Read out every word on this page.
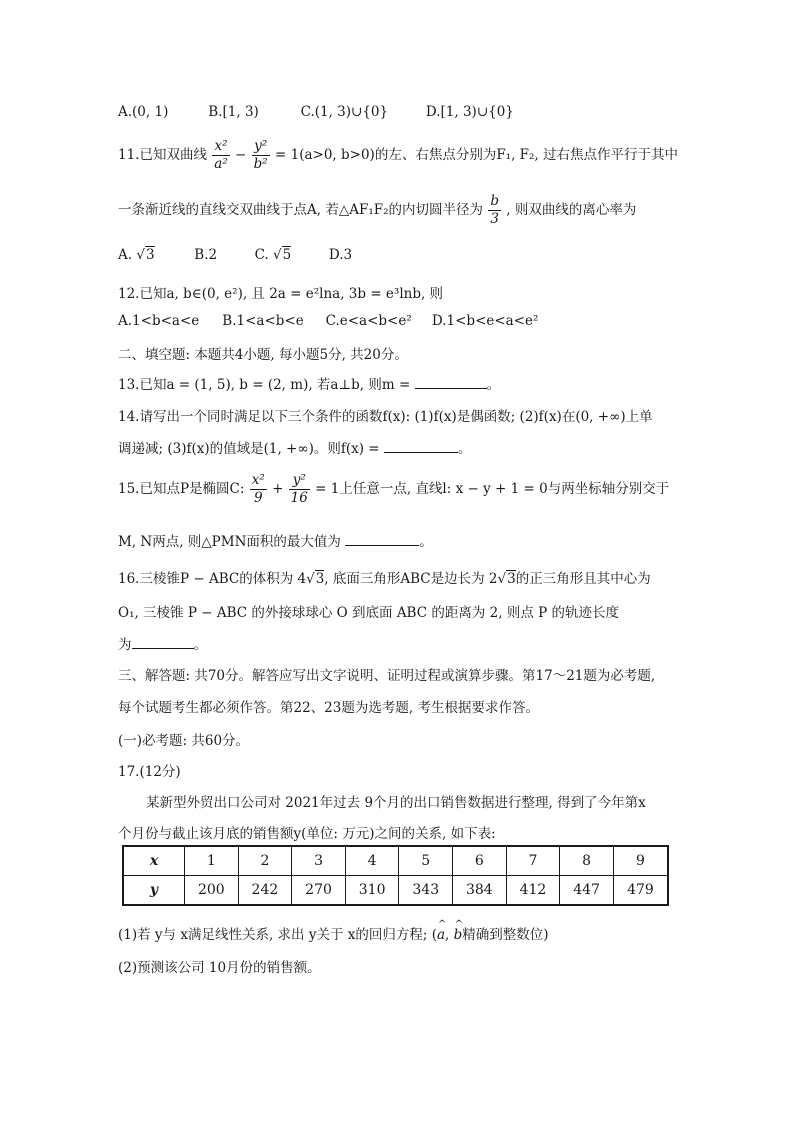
A.(0, 1)	B.[1, 3)	C.(1, 3)∪{0}	D.[1, 3)∪{0}
11.已知双曲线 $\frac{\text{x²}}{\text{a²}} - \frac{\text{y²}}{\text{b²}} = 1(a>0$, b>0)的左、右焦点分别为F₁, F₂, 过右焦点作平行于其中
一条渐近线的直线交双曲线于点A, 若△AF₁F₂的内切圆半径为 $\frac{b}{3}$ , 则双曲线的离心率为
A. √3	B.2	C. √5	D.3
12.已知a, b∈(0, e²), 且 2a = e²lna, 3b = e³lnb, 则
A.1<b<a<e B.1<a<b<e C.e<a<b<e² D.1<b<e<a<e²
二、填空题: 本题共4小题, 每小题5分, 共20分。
13.已知a = (1, 5), b = (2, m), 若a⊥b, 则m =	。
14.请写出一个同时满足以下三个条件的函数f(x): (1)f(x)是偶函数; (2)f(x)在(0, +∞)上单
调递减; (3)f(x)的值域是(1, +∞)。则f(x) =	。
15.已知点P是椭圆C: $\frac{\text{x²}}{9} + \frac{\text{y²}}{16} = 1$上任意一点, 直线l: x − y + 1 = 0与两坐标轴分别交于
M, N两点, 则△PMN面积的最大值为	。
16.三棱锥P − ABC的体积为 4√3, 底面三角形ABC是边长为 2√3的正三角形且其中心为
O₁, 三棱锥 P − ABC 的外接球球心 O 到底面 ABC 的距离为 2, 则点 P 的轨迹长度
为	。
三、解答题: 共70分。解答应写出文字说明、证明过程或演算步骤。第17～21题为必考题,
每个试题考生都必须作答。第22、23题为选考题, 考生根据要求作答。
(一)必考题: 共60分。
17.(12分)
某新型外贸出口公司对 2021年过去 9个月的出口销售数据进行整理, 得到了今年第x
个月份与截止该月底的销售额y(单位: 万元)之间的关系, 如下表:
x	1	2	3	4	5	6	7	8	9
y	200	242	270	310	343	384	412	447	479
(1)若 y与 x满足线性关系, 求出 y关于 x的回归方程; (^ a, ^ b精确到整数位)
(2)预测该公司 10月份的销售额。
